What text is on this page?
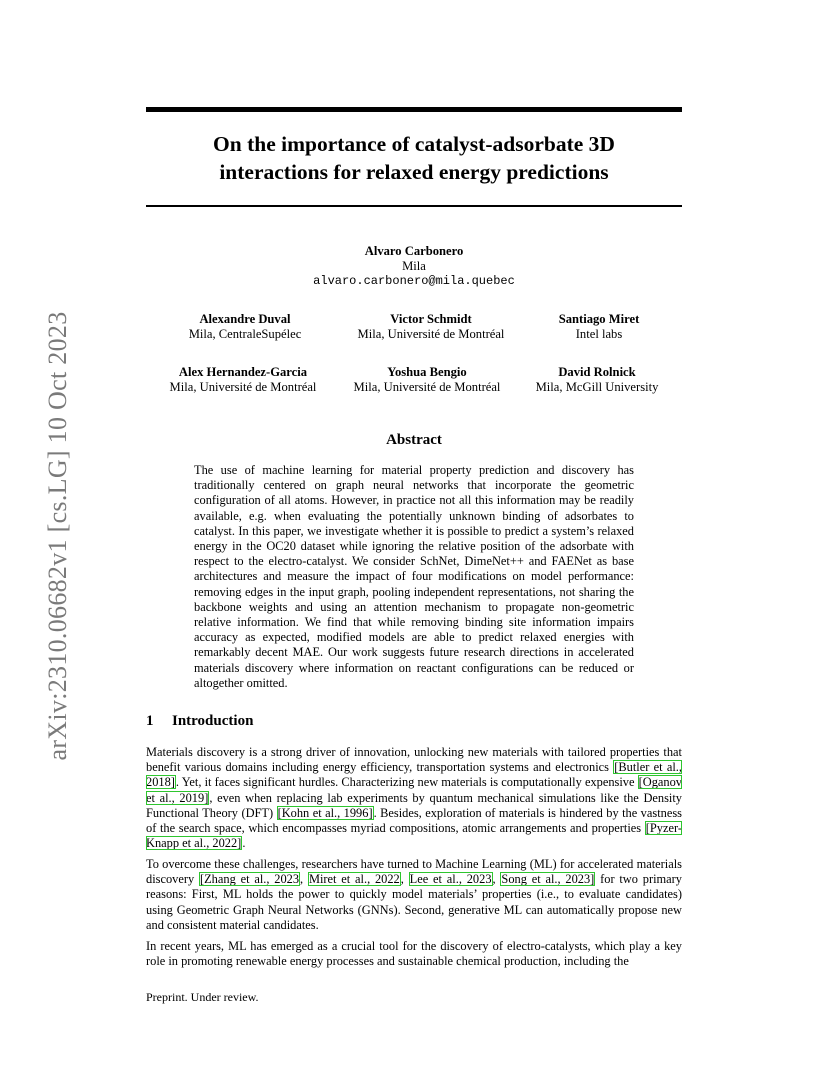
arXiv:2310.06682v1 [cs.LG] 10 Oct 2023
On the importance of catalyst-adsorbate 3D
interactions for relaxed energy predictions
Alvaro Carbonero
Mila
alvaro.carbonero@mila.quebec
Alexandre Duval
Mila, CentraleSupélec
Victor Schmidt
Mila, Université de Montréal
Santiago Miret
Intel labs
Alex Hernandez-Garcia
Mila, Université de Montréal
Yoshua Bengio
Mila, Université de Montréal
David Rolnick
Mila, McGill University
Abstract

The use of machine learning for material property prediction and discovery has traditionally centered on graph neural networks that incorporate the geometric configuration of all atoms. However, in practice not all this information may be readily available, e.g. when evaluating the potentially unknown binding of adsorbates to catalyst. In this paper, we investigate whether it is possible to predict a system’s relaxed energy in the OC20 dataset while ignoring the relative position of the adsorbate with respect to the electro-catalyst. We consider SchNet, DimeNet++ and FAENet as base architectures and measure the impact of four modifications on model performance: removing edges in the input graph, pooling independent representations, not sharing the backbone weights and using an attention mechanism to propagate non-geometric relative information. We find that while removing binding site information impairs accuracy as expected, modified models are able to predict relaxed energies with remarkably decent MAE. Our work suggests future research directions in accelerated materials discovery where information on reactant configurations can be reduced or altogether omitted.

1 Introduction

Materials discovery is a strong driver of innovation, unlocking new materials with tailored properties that benefit various domains including energy efficiency, transportation systems and electronics [Butler et al., 2018]. Yet, it faces significant hurdles. Characterizing new materials is computationally expensive [Oganov et al., 2019], even when replacing lab experiments by quantum mechanical simulations like the Density Functional Theory (DFT) [Kohn et al., 1996]. Besides, exploration of materials is hindered by the vastness of the search space, which encompasses myriad compositions, atomic arrangements and properties [Pyzer-Knapp et al., 2022].

To overcome these challenges, researchers have turned to Machine Learning (ML) for accelerated materials discovery [Zhang et al., 2023, Miret et al., 2022, Lee et al., 2023, Song et al., 2023] for two primary reasons: First, ML holds the power to quickly model materials’ properties (i.e., to evaluate candidates) using Geometric Graph Neural Networks (GNNs). Second, generative ML can automatically propose new and consistent material candidates.

In recent years, ML has emerged as a crucial tool for the discovery of electro-catalysts, which play a key role in promoting renewable energy processes and sustainable chemical production, including the

Preprint. Under review.
